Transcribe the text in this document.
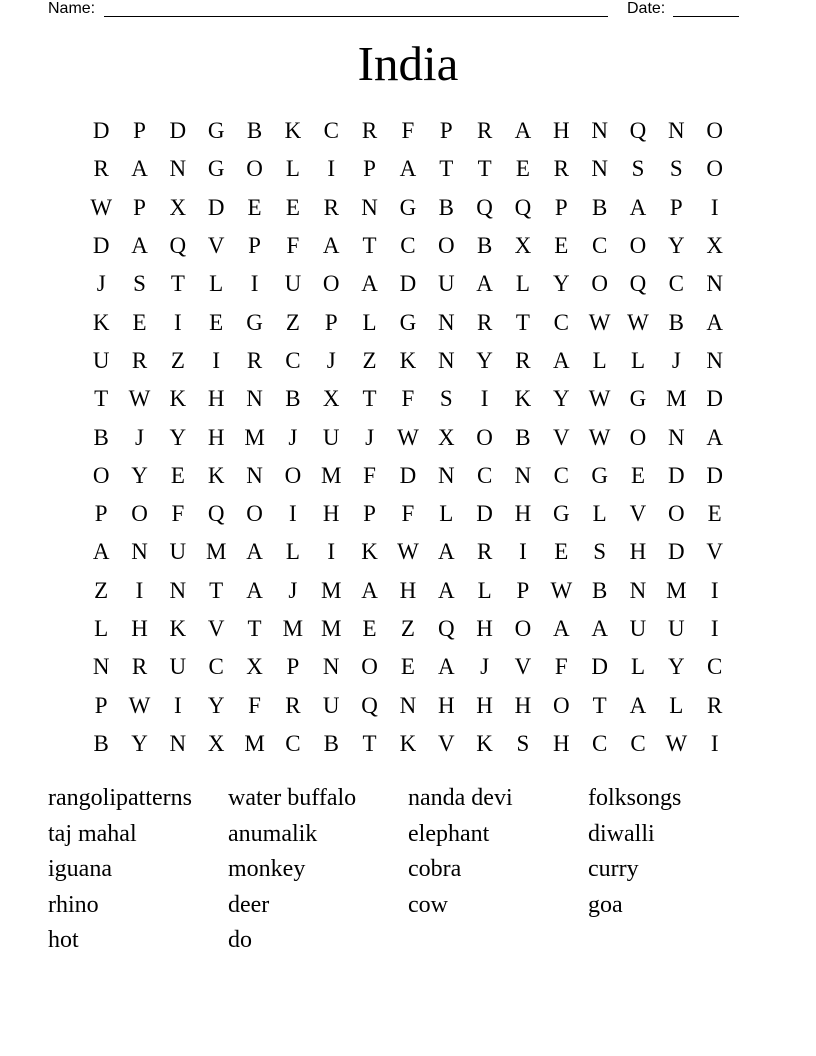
Name:	Date:
India
D	P	D G B K C	R	F	P	R A H N Q N O
R A N G O	L	I	P	A	T	T	E	R N	S	S	O
W P	X D	E	E	R N G B Q Q	P	B A	P	I
D A Q V	P	F	A	T	C O B X	E	C O Y X
J	S	T	L	I	U O A D U A	L	Y O Q C N
K	E	I	E	G	Z	P	L	G N R	T	C W W B A
U R	Z	I	R	C	J	Z	K N Y R A	L	L	J	N
T W K H N B X	T	F	S	I	K Y W G M D
B	J	Y H M	J	U	J	W X O B V W O N A
O Y	E	K N O M F	D N C N C G	E	D D
P	O	F	Q O	I	H	P	F	L	D H G	L	V O	E
A N U M A	L	I	K W A R	I	E	S	H D V
Z	I	N	T	A	J	M A H A	L	P W B N M	I
L	H K V	T M M E	Z	Q H O A A U U	I
N R U C X	P	N O	E	A	J	V	F	D	L	Y C
P W	I	Y	F	R U Q N H H H O	T	A	L	R
B Y N X M C	B	T	K V K	S	H C	C W	I
rangolipatterns	water buffalo	nanda devi	folksongs
taj mahal	anumalik	elephant	diwalli
iguana	monkey	cobra	curry
rhino	deer	cow	goa
hot	do
